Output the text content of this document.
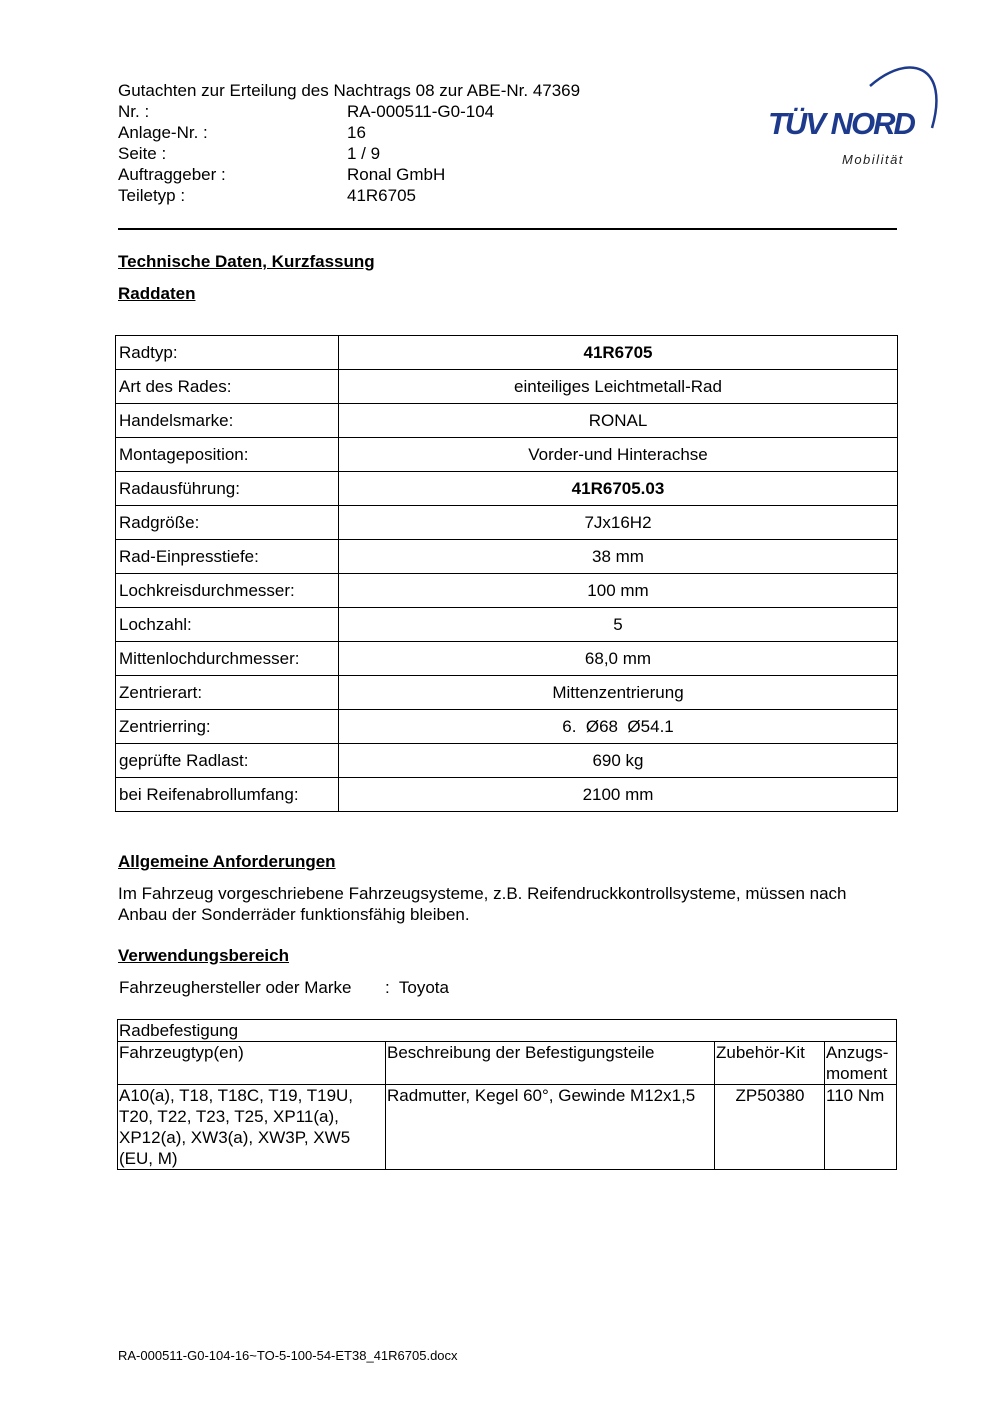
Gutachten zur Erteilung des Nachtrags 08 zur ABE-Nr. 47369
Nr. :	RA-000511-G0-104
Anlage-Nr. :	16
Seite :	1 / 9
Auftraggeber :	Ronal GmbH
Teiletyp :	41R6705
TÜV NORD
Mobilität
Technische Daten, Kurzfassung
Raddaten
Radtyp:	41R6705
Art des Rades:	einteiliges Leichtmetall-Rad
Handelsmarke:	RONAL
Montageposition:	Vorder-und Hinterachse
Radausführung:	41R6705.03
Radgröße:	7Jx16H2
Rad-Einpresstiefe:	38 mm
Lochkreisdurchmesser:	100 mm
Lochzahl:	5
Mittenlochdurchmesser:	68,0 mm
Zentrierart:	Mittenzentrierung
Zentrierring:	6.  Ø68  Ø54.1
geprüfte Radlast:	690 kg
bei Reifenabrollumfang:	2100 mm
Allgemeine Anforderungen
Im Fahrzeug vorgeschriebene Fahrzeugsysteme, z.B. Reifendruckkontrollsysteme, müssen nach Anbau der Sonderräder funktionsfähig bleiben.
Verwendungsbereich
Fahrzeughersteller oder Marke :  Toyota
Radbefestigung			
Fahrzeugtyp(en)	Beschreibung der Befestigungsteile	Zubehör-Kit	Anzugs-moment
A10(a), T18, T18C, T19, T19U, T20, T22, T23, T25, XP11(a), XP12(a), XW3(a), XW3P, XW5 (EU, M)	Radmutter, Kegel 60°, Gewinde M12x1,5	ZP50380	110 Nm
RA-000511-G0-104-16~TO-5-100-54-ET38_41R6705.docx
